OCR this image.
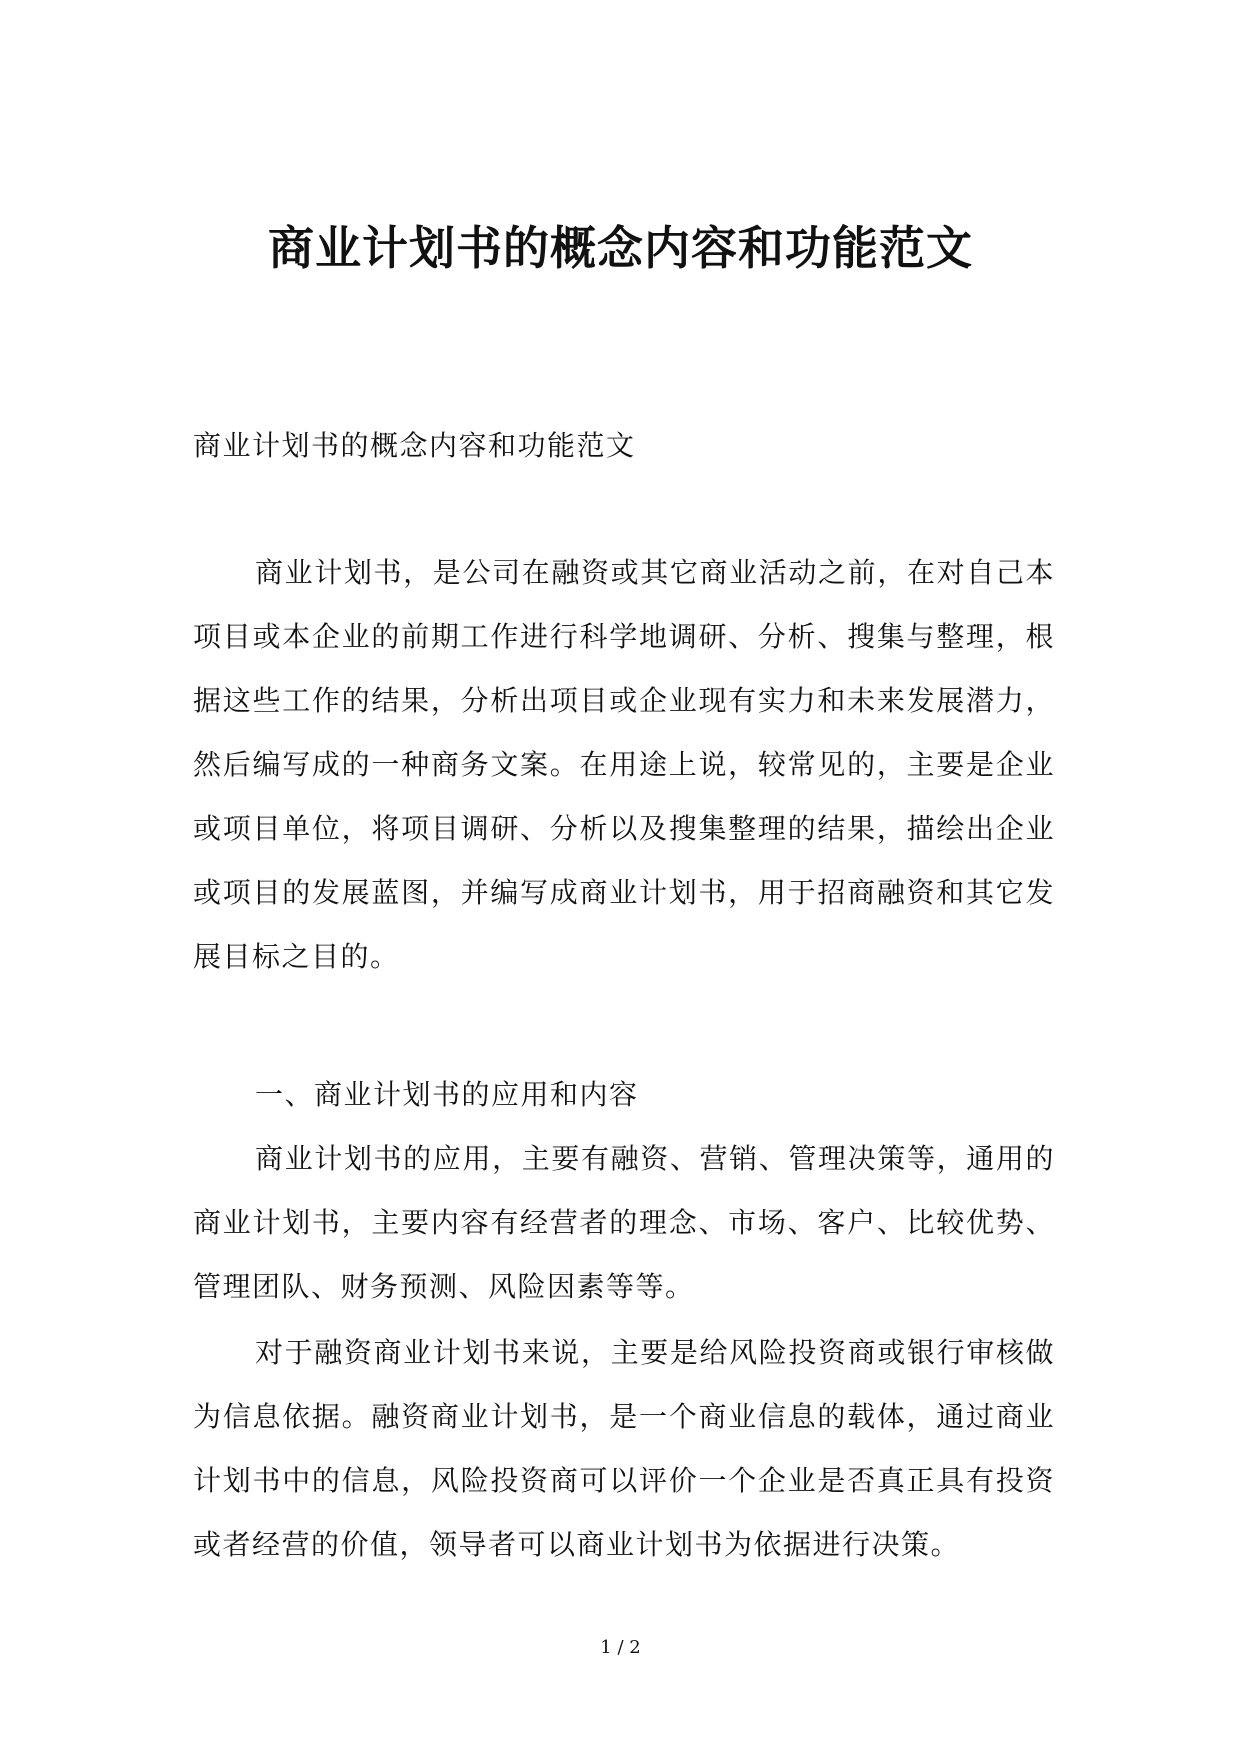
商业计划书的概念内容和功能范文

商业计划书的概念内容和功能范文

商业计划书，是公司在融资或其它商业活动之前，在对自己本项目或本企业的前期工作进行科学地调研、分析、搜集与整理，根据这些工作的结果，分析出项目或企业现有实力和未来发展潜力，然后编写成的一种商务文案。在用途上说，较常见的，主要是企业或项目单位，将项目调研、分析以及搜集整理的结果，描绘出企业或项目的发展蓝图，并编写成商业计划书，用于招商融资和其它发展目标之目的。

一、商业计划书的应用和内容

商业计划书的应用，主要有融资、营销、管理决策等，通用的商业计划书，主要内容有经营者的理念、市场、客户、比较优势、管理团队、财务预测、风险因素等等。

对于融资商业计划书来说，主要是给风险投资商或银行审核做为信息依据。融资商业计划书，是一个商业信息的载体，通过商业计划书中的信息，风险投资商可以评价一个企业是否真正具有投资或者经营的价值，领导者可以商业计划书为依据进行决策。

1 / 2
